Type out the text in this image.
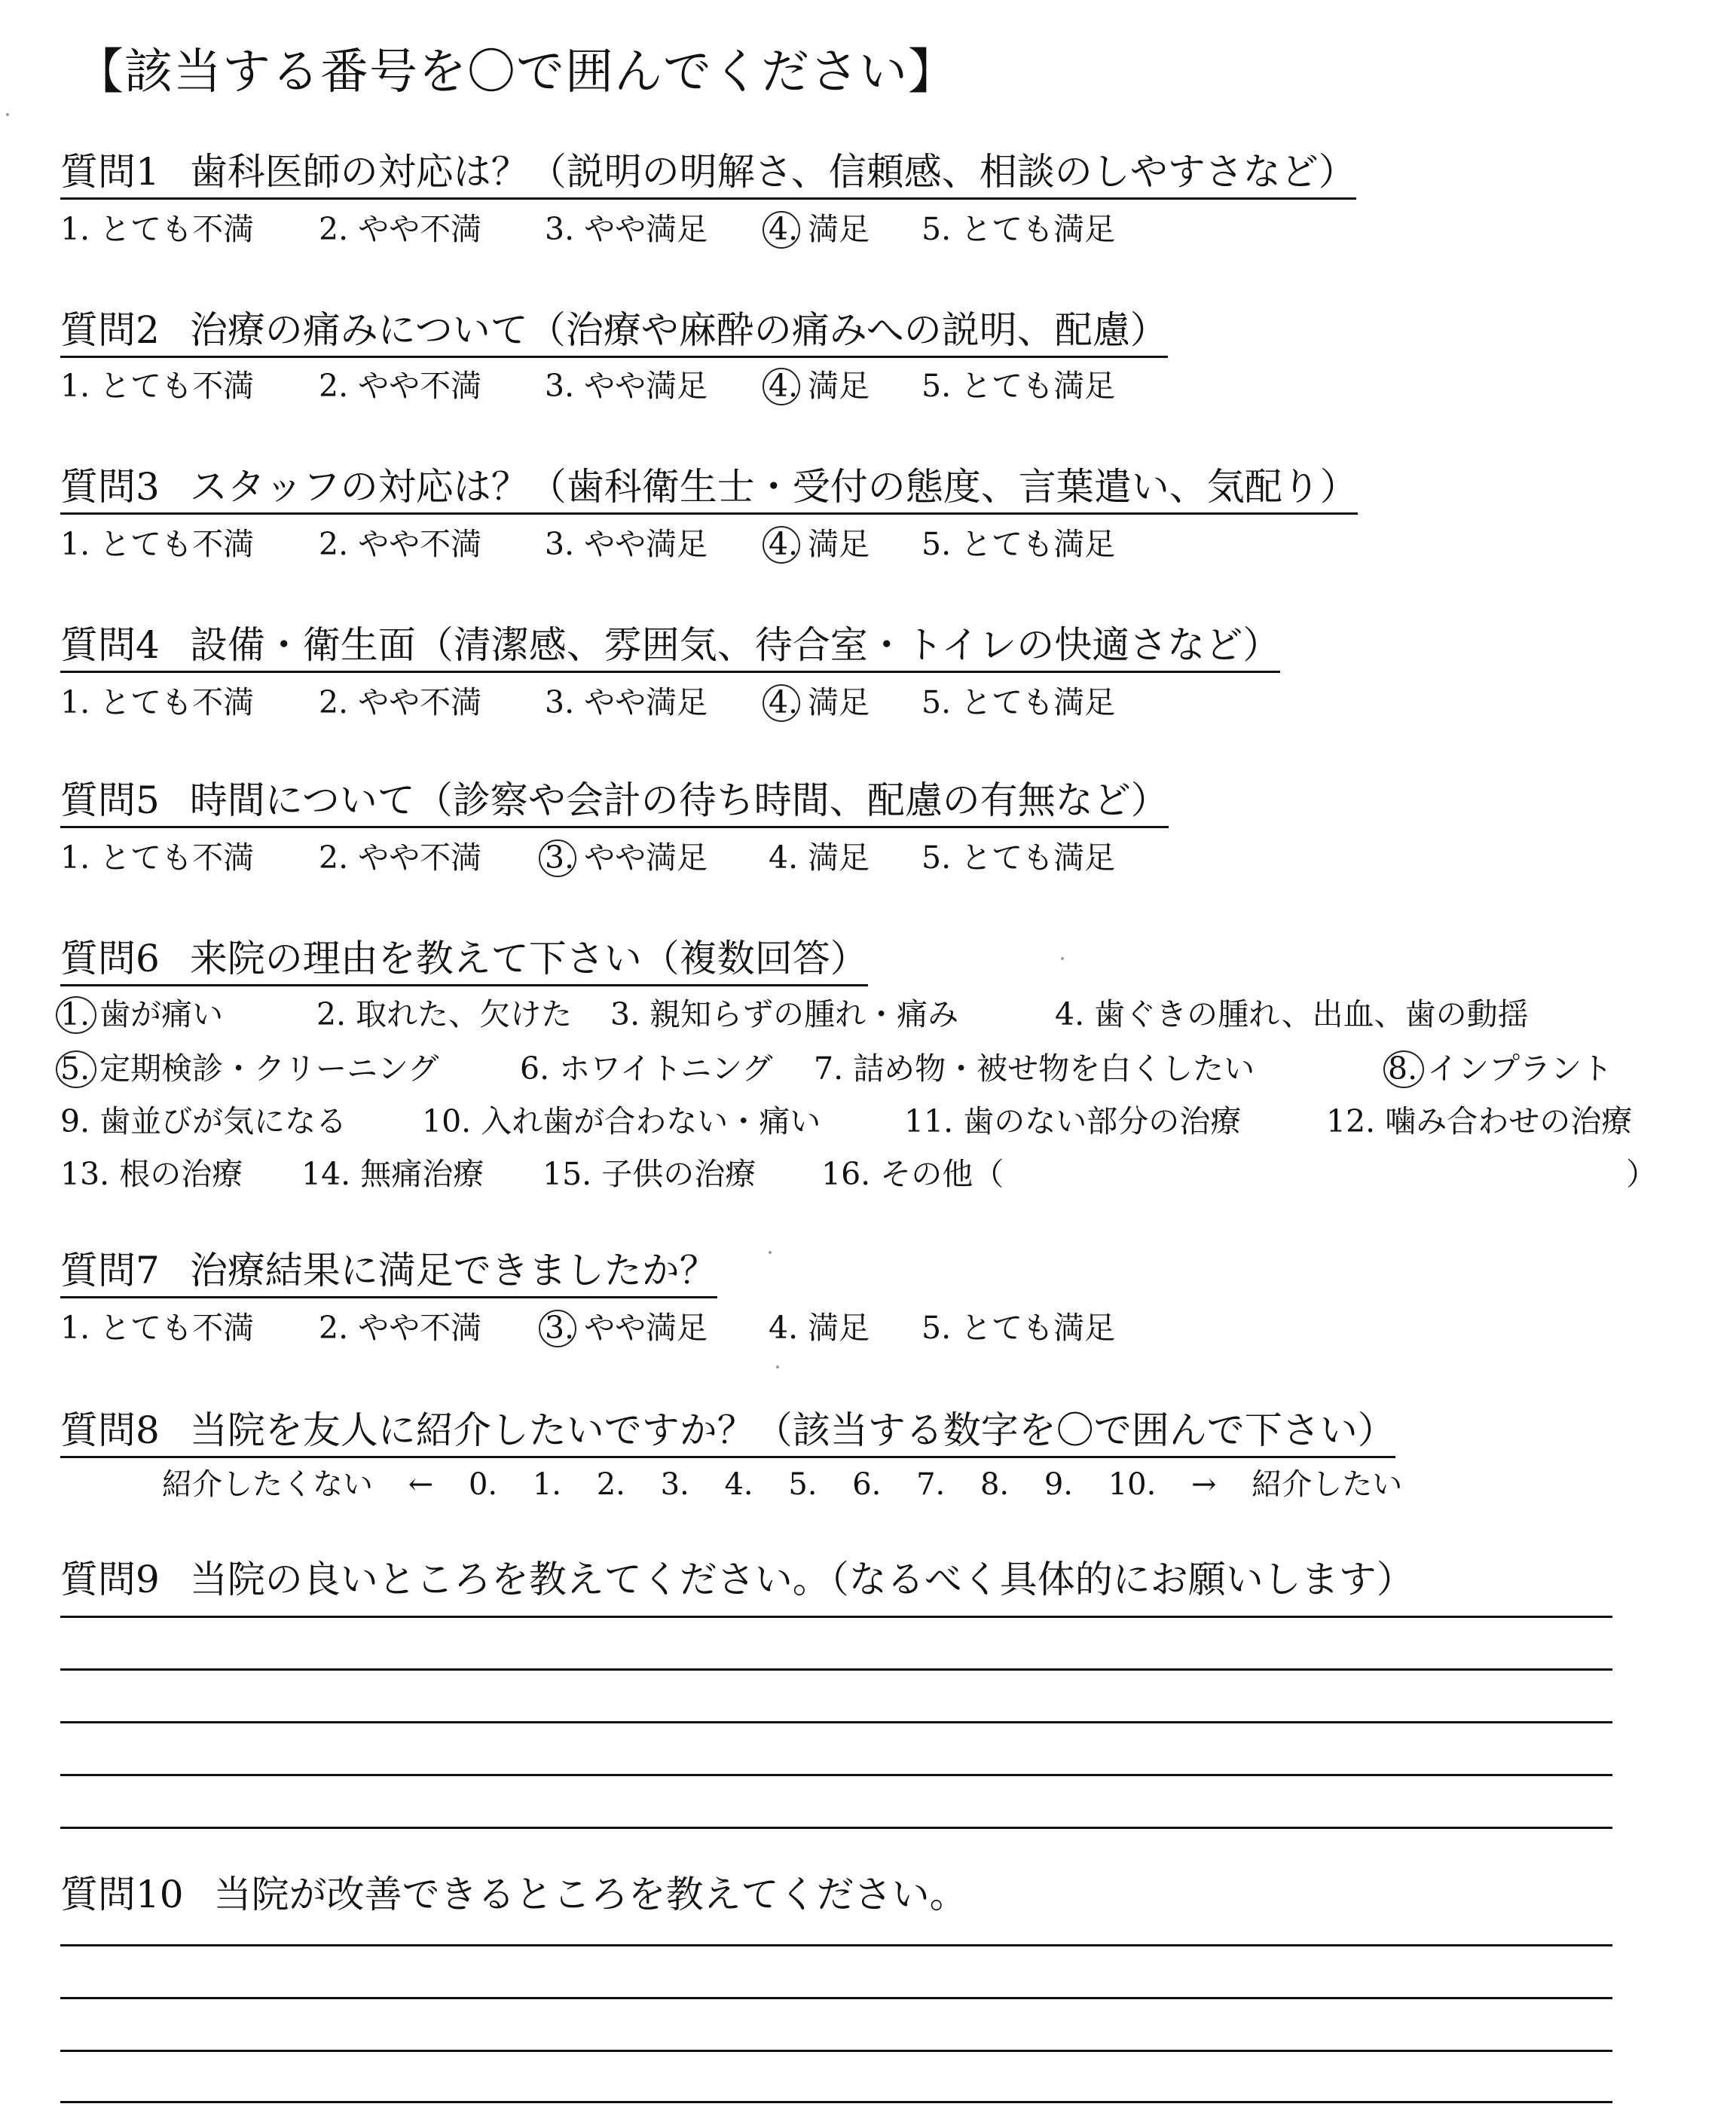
【該当する番号を〇で囲んでください】
質問1 歯科医師の対応は？（説明の明解さ、信頼感、相談のしやすさなど）
1. とても不満 2. やや不満 3. やや満足 4. 満足 5. とても満足
質問2 治療の痛みについて（治療や麻酔の痛みへの説明、配慮）
1. とても不満 2. やや不満 3. やや満足 4. 満足 5. とても満足
質問3 スタッフの対応は？（歯科衛生士・受付の態度、言葉遣い、気配り）
1. とても不満 2. やや不満 3. やや満足 4. 満足 5. とても満足
質問4 設備・衛生面（清潔感、雰囲気、待合室・トイレの快適さなど）
1. とても不満 2. やや不満 3. やや満足 4. 満足 5. とても満足
質問5 時間について（診察や会計の待ち時間、配慮の有無など）
1. とても不満 2. やや不満 3. やや満足 4. 満足 5. とても満足
質問6 来院の理由を教えて下さい（複数回答）
1. 歯が痛い	2. 取れた、欠けた 3. 親知らずの腫れ・痛み	4. 歯ぐきの腫れ、出血、歯の動揺
5. 定期検診・クリーニング	6. ホワイトニング 7. 詰め物・被せ物を白くしたい	8. インプラント
9. 歯並びが気になる 10. 入れ歯が合わない・痛い	11. 歯のない部分の治療	12. 噛み合わせの治療
13. 根の治療 14. 無痛治療 15. 子供の治療 16. その他（	）
質問7 治療結果に満足できましたか？
1. とても不満 2. やや不満 3. やや満足 4. 満足 5. とても満足
質問8 当院を友人に紹介したいですか？（該当する数字を〇で囲んで下さい）
紹介したくない ← 0. 1. 2. 3. 4. 5. 6. 7. 8. 9. 10. → 紹介したい
質問9 当院の良いところを教えてください。（なるべく具体的にお願いします）
質問10 当院が改善できるところを教えてください。
